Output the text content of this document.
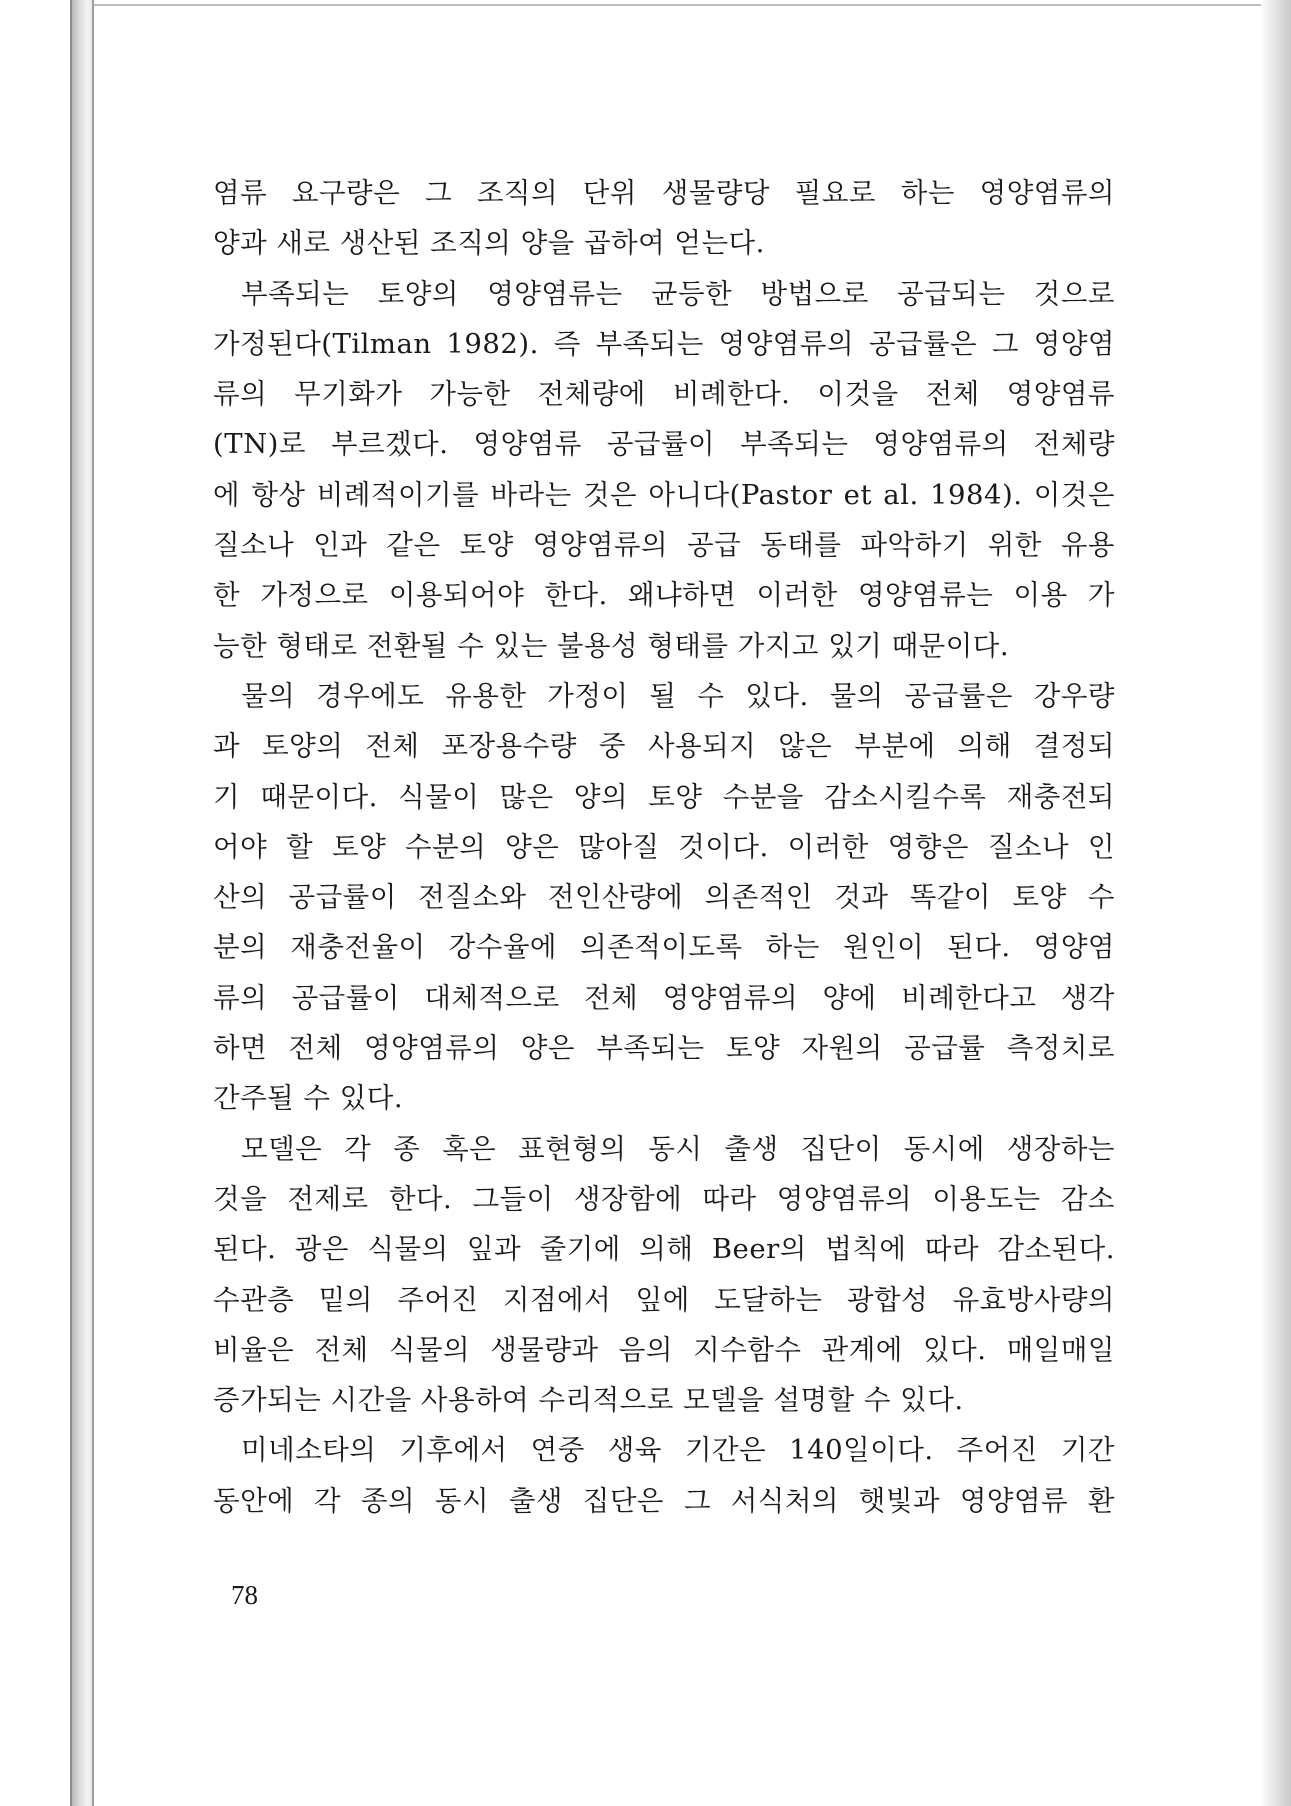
염류 요구량은 그 조직의 단위 생물량당 필요로 하는 영양염류의
양과 새로 생산된 조직의 양을 곱하여 얻는다.
부족되는 토양의 영양염류는 균등한 방법으로 공급되는 것으로
가정된다(Tilman 1982). 즉 부족되는 영양염류의 공급률은 그 영양염
류의 무기화가 가능한 전체량에 비례한다. 이것을 전체 영양염류
(TN)로 부르겠다. 영양염류 공급률이 부족되는 영양염류의 전체량
에 항상 비례적이기를 바라는 것은 아니다(Pastor et al. 1984). 이것은
질소나 인과 같은 토양 영양염류의 공급 동태를 파악하기 위한 유용
한 가정으로 이용되어야 한다. 왜냐하면 이러한 영양염류는 이용 가
능한 형태로 전환될 수 있는 불용성 형태를 가지고 있기 때문이다.
물의 경우에도 유용한 가정이 될 수 있다. 물의 공급률은 강우량
과 토양의 전체 포장용수량 중 사용되지 않은 부분에 의해 결정되
기 때문이다. 식물이 많은 양의 토양 수분을 감소시킬수록 재충전되
어야 할 토양 수분의 양은 많아질 것이다. 이러한 영향은 질소나 인
산의 공급률이 전질소와 전인산량에 의존적인 것과 똑같이 토양 수
분의 재충전율이 강수율에 의존적이도록 하는 원인이 된다. 영양염
류의 공급률이 대체적으로 전체 영양염류의 양에 비례한다고 생각
하면 전체 영양염류의 양은 부족되는 토양 자원의 공급률 측정치로
간주될 수 있다.
모델은 각 종 혹은 표현형의 동시 출생 집단이 동시에 생장하는
것을 전제로 한다. 그들이 생장함에 따라 영양염류의 이용도는 감소
된다. 광은 식물의 잎과 줄기에 의해 Beer의 법칙에 따라 감소된다.
수관층 밑의 주어진 지점에서 잎에 도달하는 광합성 유효방사량의
비율은 전체 식물의 생물량과 음의 지수함수 관계에 있다. 매일매일
증가되는 시간을 사용하여 수리적으로 모델을 설명할 수 있다.
미네소타의 기후에서 연중 생육 기간은 140일이다. 주어진 기간
동안에 각 종의 동시 출생 집단은 그 서식처의 햇빛과 영양염류 환
78
